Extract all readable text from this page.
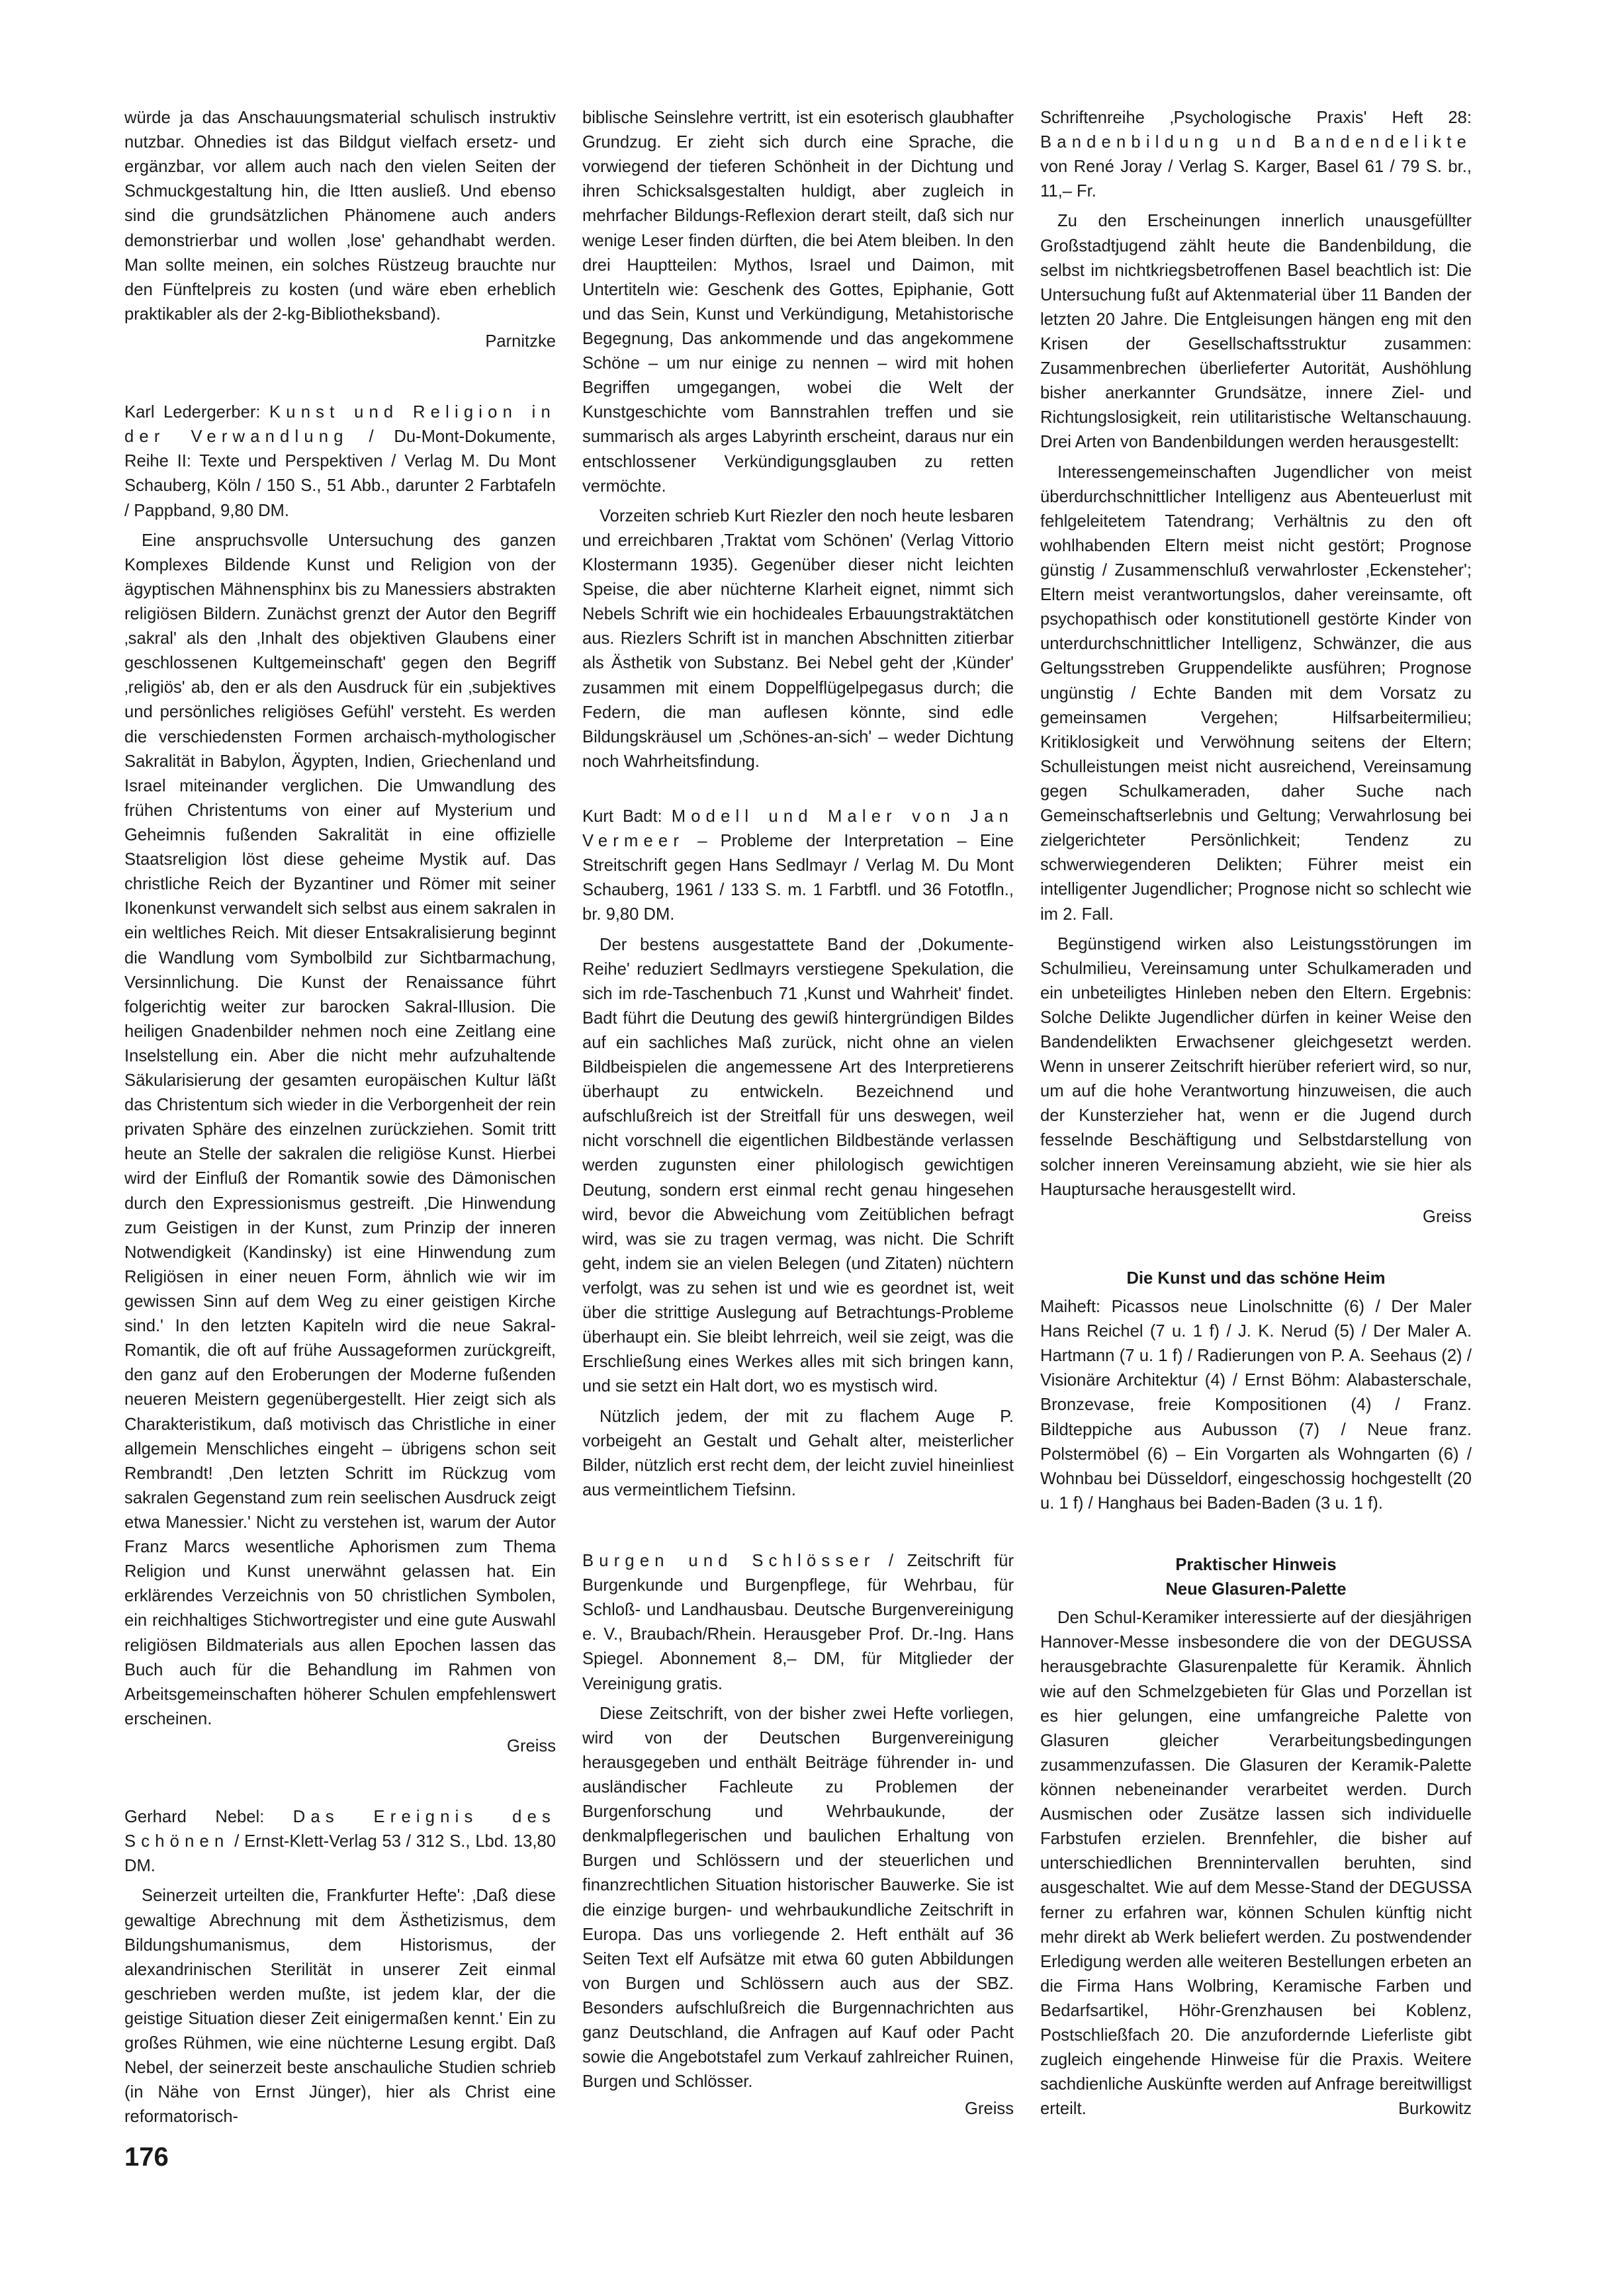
würde ja das Anschauungsmaterial schulisch instruktiv nutzbar. Ohnedies ist das Bildgut vielfach ersetz- und ergänzbar, vor allem auch nach den vielen Seiten der Schmuckgestaltung hin, die Itten ausließ. Und ebenso sind die grundsätzlichen Phänomene auch anders demonstrierbar und wollen ‚lose' gehandhabt werden. Man sollte meinen, ein solches Rüstzeug brauchte nur den Fünftelpreis zu kosten (und wäre eben erheblich praktikabler als der 2-kg-Bibliotheksband).

Parnitzke

Karl Ledergerber: Kunst und Religion in der Verwandlung / Du-Mont-Dokumente, Reihe II: Texte und Perspektiven / Verlag M. Du Mont Schauberg, Köln / 150 S., 51 Abb., darunter 2 Farbtafeln / Pappband, 9,80 DM.

Eine anspruchsvolle Untersuchung des ganzen Komplexes Bildende Kunst und Religion von der ägyptischen Mähnensphinx bis zu Manessiers abstrakten religiösen Bildern. Zunächst grenzt der Autor den Begriff ‚sakral' als den ‚Inhalt des objektiven Glaubens einer geschlossenen Kultgemeinschaft' gegen den Begriff ‚religiös' ab, den er als den Ausdruck für ein ‚subjektives und persönliches religiöses Gefühl' versteht. Es werden die verschiedensten Formen archaisch-mythologischer Sakralität in Babylon, Ägypten, Indien, Griechenland und Israel miteinander verglichen. Die Umwandlung des frühen Christentums von einer auf Mysterium und Geheimnis fußenden Sakralität in eine offizielle Staatsreligion löst diese geheime Mystik auf. Das christliche Reich der Byzantiner und Römer mit seiner Ikonenkunst verwandelt sich selbst aus einem sakralen in ein weltliches Reich. Mit dieser Entsakralisierung beginnt die Wandlung vom Symbolbild zur Sichtbarmachung, Versinnlichung. Die Kunst der Renaissance führt folgerichtig weiter zur barocken Sakral-Illusion. Die heiligen Gnadenbilder nehmen noch eine Zeitlang eine Inselstellung ein. Aber die nicht mehr aufzuhaltende Säkularisierung der gesamten europäischen Kultur läßt das Christentum sich wieder in die Verborgenheit der rein privaten Sphäre des einzelnen zurückziehen. Somit tritt heute an Stelle der sakralen die religiöse Kunst. Hierbei wird der Einfluß der Romantik sowie des Dämonischen durch den Expressionismus gestreift. ‚Die Hinwendung zum Geistigen in der Kunst, zum Prinzip der inneren Notwendigkeit (Kandinsky) ist eine Hinwendung zum Religiösen in einer neuen Form, ähnlich wie wir im gewissen Sinn auf dem Weg zu einer geistigen Kirche sind.' In den letzten Kapiteln wird die neue Sakral-Romantik, die oft auf frühe Aussageformen zurückgreift, den ganz auf den Eroberungen der Moderne fußenden neueren Meistern gegenübergestellt. Hier zeigt sich als Charakteristikum, daß motivisch das Christliche in einer allgemein Menschliches eingeht – übrigens schon seit Rembrandt! ‚Den letzten Schritt im Rückzug vom sakralen Gegenstand zum rein seelischen Ausdruck zeigt etwa Manessier.' Nicht zu verstehen ist, warum der Autor Franz Marcs wesentliche Aphorismen zum Thema Religion und Kunst unerwähnt gelassen hat. Ein erklärendes Verzeichnis von 50 christlichen Symbolen, ein reichhaltiges Stichwortregister und eine gute Auswahl religiösen Bildmaterials aus allen Epochen lassen das Buch auch für die Behandlung im Rahmen von Arbeitsgemeinschaften höherer Schulen empfehlenswert erscheinen.

Greiss

Gerhard Nebel: Das Ereignis des Schönen / Ernst-Klett-Verlag 53 / 312 S., Lbd. 13,80 DM.

Seinerzeit urteilten die, Frankfurter Hefte': ‚Daß diese gewaltige Abrechnung mit dem Ästhetizismus, dem Bildungshumanismus, dem Historismus, der alexandrinischen Sterilität in unserer Zeit einmal geschrieben werden mußte, ist jedem klar, der die geistige Situation dieser Zeit einigermaßen kennt.' Ein zu großes Rühmen, wie eine nüchterne Lesung ergibt. Daß Nebel, der seinerzeit beste anschauliche Studien schrieb (in Nähe von Ernst Jünger), hier als Christ eine reformatorisch-

biblische Seinslehre vertritt, ist ein esoterisch glaubhafter Grundzug. Er zieht sich durch eine Sprache, die vorwiegend der tieferen Schönheit in der Dichtung und ihren Schicksalsgestalten huldigt, aber zugleich in mehrfacher Bildungs-Reflexion derart steilt, daß sich nur wenige Leser finden dürften, die bei Atem bleiben. In den drei Hauptteilen: Mythos, Israel und Daimon, mit Untertiteln wie: Geschenk des Gottes, Epiphanie, Gott und das Sein, Kunst und Verkündigung, Metahistorische Begegnung, Das ankommende und das angekommene Schöne – um nur einige zu nennen – wird mit hohen Begriffen umgegangen, wobei die Welt der Kunstgeschichte vom Bannstrahlen treffen und sie summarisch als arges Labyrinth erscheint, daraus nur ein entschlossener Verkündigungsglauben zu retten vermöchte.

Vorzeiten schrieb Kurt Riezler den noch heute lesbaren und erreichbaren ‚Traktat vom Schönen' (Verlag Vittorio Klostermann 1935). Gegenüber dieser nicht leichten Speise, die aber nüchterne Klarheit eignet, nimmt sich Nebels Schrift wie ein hochideales Erbauungstraktätchen aus. Riezlers Schrift ist in manchen Abschnitten zitierbar als Ästhetik von Substanz. Bei Nebel geht der ‚Künder' zusammen mit einem Doppelflügelpegasus durch; die Federn, die man auflesen könnte, sind edle Bildungskräusel um ‚Schönes-an-sich' – weder Dichtung noch Wahrheitsfindung.

Kurt Badt: Modell und Maler von Jan Vermeer – Probleme der Interpretation – Eine Streitschrift gegen Hans Sedlmayr / Verlag M. Du Mont Schauberg, 1961 / 133 S. m. 1 Farbtfl. und 36 Fototfln., br. 9,80 DM.

Der bestens ausgestattete Band der ‚Dokumente-Reihe' reduziert Sedlmayrs verstiegene Spekulation, die sich im rde-Taschenbuch 71 ‚Kunst und Wahrheit' findet. Badt führt die Deutung des gewiß hintergründigen Bildes auf ein sachliches Maß zurück, nicht ohne an vielen Bildbeispielen die angemessene Art des Interpretierens überhaupt zu entwickeln. Bezeichnend und aufschlußreich ist der Streitfall für uns deswegen, weil nicht vorschnell die eigentlichen Bildbestände verlassen werden zugunsten einer philologisch gewichtigen Deutung, sondern erst einmal recht genau hingesehen wird, bevor die Abweichung vom Zeitüblichen befragt wird, was sie zu tragen vermag, was nicht. Die Schrift geht, indem sie an vielen Belegen (und Zitaten) nüchtern verfolgt, was zu sehen ist und wie es geordnet ist, weit über die strittige Auslegung auf Betrachtungs-Probleme überhaupt ein. Sie bleibt lehrreich, weil sie zeigt, was die Erschließung eines Werkes alles mit sich bringen kann, und sie setzt ein Halt dort, wo es mystisch wird.

P.
Nützlich jedem, der mit zu flachem Auge vorbeigeht an Gestalt und Gehalt alter, meisterlicher Bilder, nützlich erst recht dem, der leicht zuviel hineinliest aus vermeintlichem Tiefsinn.

Burgen und Schlösser / Zeitschrift für Burgenkunde und Burgenpflege, für Wehrbau, für Schloß- und Landhausbau. Deutsche Burgenvereinigung e. V., Braubach/Rhein. Herausgeber Prof. Dr.-Ing. Hans Spiegel. Abonnement 8,– DM, für Mitglieder der Vereinigung gratis.

Diese Zeitschrift, von der bisher zwei Hefte vorliegen, wird von der Deutschen Burgenvereinigung herausgegeben und enthält Beiträge führender in- und ausländischer Fachleute zu Problemen der Burgenforschung und Wehrbaukunde, der denkmalpflegerischen und baulichen Erhaltung von Burgen und Schlössern und der steuerlichen und finanzrechtlichen Situation historischer Bauwerke. Sie ist die einzige burgen- und wehrbaukundliche Zeitschrift in Europa. Das uns vorliegende 2. Heft enthält auf 36 Seiten Text elf Aufsätze mit etwa 60 guten Abbildungen von Burgen und Schlössern auch aus der SBZ. Besonders aufschlußreich die Burgennachrichten aus ganz Deutschland, die Anfragen auf Kauf oder Pacht sowie die Angebotstafel zum Verkauf zahlreicher Ruinen, Burgen und Schlösser.

Greiss

Schriftenreihe ‚Psychologische Praxis' Heft 28: Bandenbildung und Bandendelikte von René Joray / Verlag S. Karger, Basel 61 / 79 S. br., 11,– Fr.

Zu den Erscheinungen innerlich unausgefüllter Großstadtjugend zählt heute die Bandenbildung, die selbst im nichtkriegsbetroffenen Basel beachtlich ist: Die Untersuchung fußt auf Aktenmaterial über 11 Banden der letzten 20 Jahre. Die Entgleisungen hängen eng mit den Krisen der Gesellschaftsstruktur zusammen: Zusammenbrechen überlieferter Autorität, Aushöhlung bisher anerkannter Grundsätze, innere Ziel- und Richtungslosigkeit, rein utilitaristische Weltanschauung. Drei Arten von Bandenbildungen werden herausgestellt:

Interessengemeinschaften Jugendlicher von meist überdurchschnittlicher Intelligenz aus Abenteuerlust mit fehlgeleitetem Tatendrang; Verhältnis zu den oft wohlhabenden Eltern meist nicht gestört; Prognose günstig / Zusammenschluß verwahrloster ‚Eckensteher'; Eltern meist verantwortungslos, daher vereinsamte, oft psychopathisch oder konstitutionell gestörte Kinder von unterdurchschnittlicher Intelligenz, Schwänzer, die aus Geltungsstreben Gruppendelikte ausführen; Prognose ungünstig / Echte Banden mit dem Vorsatz zu gemeinsamen Vergehen; Hilfsarbeitermilieu; Kritiklosigkeit und Verwöhnung seitens der Eltern; Schulleistungen meist nicht ausreichend, Vereinsamung gegen Schulkameraden, daher Suche nach Gemeinschaftserlebnis und Geltung; Verwahrlosung bei zielgerichteter Persönlichkeit; Tendenz zu schwerwiegenderen Delikten; Führer meist ein intelligenter Jugendlicher; Prognose nicht so schlecht wie im 2. Fall.

Begünstigend wirken also Leistungsstörungen im Schulmilieu, Vereinsamung unter Schulkameraden und ein unbeteiligtes Hinleben neben den Eltern. Ergebnis: Solche Delikte Jugendlicher dürfen in keiner Weise den Bandendelikten Erwachsener gleichgesetzt werden. Wenn in unserer Zeitschrift hierüber referiert wird, so nur, um auf die hohe Verantwortung hinzuweisen, die auch der Kunsterzieher hat, wenn er die Jugend durch fesselnde Beschäftigung und Selbstdarstellung von solcher inneren Vereinsamung abzieht, wie sie hier als Hauptursache herausgestellt wird.

Greiss
Die Kunst und das schöne Heim

Maiheft: Picassos neue Linolschnitte (6) / Der Maler Hans Reichel (7 u. 1 f) / J. K. Nerud (5) / Der Maler A. Hartmann (7 u. 1 f) / Radierungen von P. A. Seehaus (2) / Visionäre Architektur (4) / Ernst Böhm: Alabasterschale, Bronzevase, freie Kompositionen (4) / Franz. Bildteppiche aus Aubusson (7) / Neue franz. Polstermöbel (6) – Ein Vorgarten als Wohngarten (6) / Wohnbau bei Düsseldorf, eingeschossig hochgestellt (20 u. 1 f) / Hanghaus bei Baden-Baden (3 u. 1 f).

Praktischer Hinweis
Neue Glasuren-Palette

Den Schul-Keramiker interessierte auf der diesjährigen Hannover-Messe insbesondere die von der DEGUSSA herausgebrachte Glasurenpalette für Keramik. Ähnlich wie auf den Schmelzgebieten für Glas und Porzellan ist es hier gelungen, eine umfangreiche Palette von Glasuren gleicher Verarbeitungsbedingungen zusammenzufassen. Die Glasuren der Keramik-Palette können nebeneinander verarbeitet werden. Durch Ausmischen oder Zusätze lassen sich individuelle Farbstufen erzielen. Brennfehler, die bisher auf unterschiedlichen Brennintervallen beruhten, sind ausgeschaltet. Wie auf dem Messe-Stand der DEGUSSA ferner zu erfahren war, können Schulen künftig nicht mehr direkt ab Werk beliefert werden. Zu postwendender Erledigung werden alle weiteren Bestellungen erbeten an die Firma Hans Wolbring, Keramische Farben und Bedarfsartikel, Höhr-Grenzhausen bei Koblenz, Postschließfach 20. Die anzufordernde Lieferliste gibt zugleich eingehende Hinweise für die Praxis. Weitere sachdienliche Auskünfte werden auf Anfrage bereitwilligst erteilt.	Burkowitz

176
